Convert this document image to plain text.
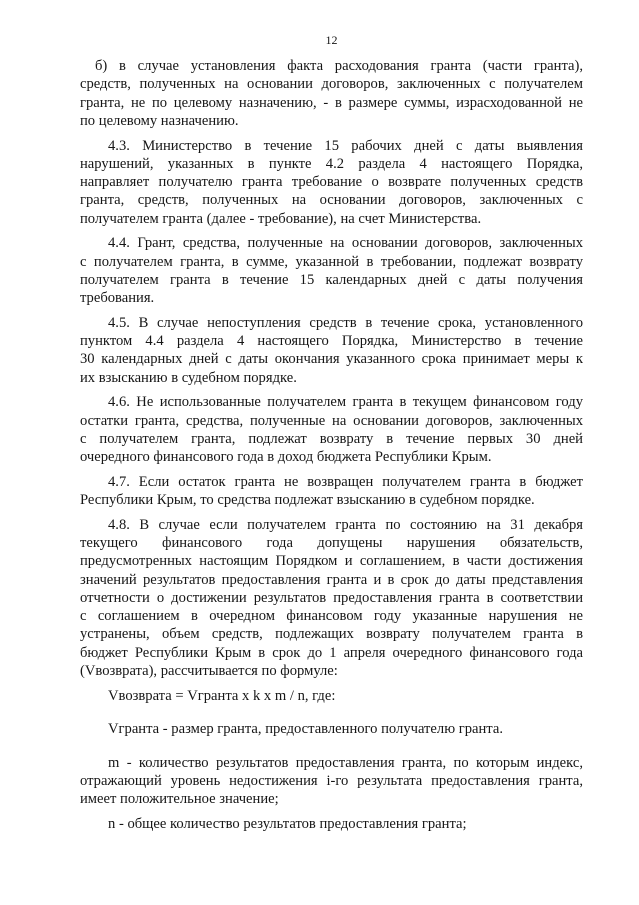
12
б) в случае установления факта расходования гранта (части гранта),
средств, полученных на основании договоров, заключенных с получателем
гранта, не по целевому назначению, - в размере суммы, израсходованной не
по целевому назначению.
4.3. Министерство в течение 15 рабочих дней с даты выявления
нарушений, указанных в пункте 4.2 раздела 4 настоящего Порядка,
направляет получателю гранта требование о возврате полученных средств
гранта, средств, полученных на основании договоров, заключенных с
получателем гранта (далее - требование), на счет Министерства.
4.4. Грант, средства, полученные на основании договоров, заключенных
с получателем гранта, в сумме, указанной в требовании, подлежат возврату
получателем гранта в течение 15 календарных дней с даты получения
требования.
4.5. В случае непоступления средств в течение срока, установленного
пунктом 4.4 раздела 4 настоящего Порядка, Министерство в течение
30 календарных дней с даты окончания указанного срока принимает меры к
их взысканию в судебном порядке.
4.6. Не использованные получателем гранта в текущем финансовом году
остатки гранта, средства, полученные на основании договоров, заключенных
с получателем гранта, подлежат возврату в течение первых 30 дней
очередного финансового года в доход бюджета Республики Крым.
4.7. Если остаток гранта не возвращен получателем гранта в бюджет
Республики Крым, то средства подлежат взысканию в судебном порядке.
4.8. В случае если получателем гранта по состоянию на 31 декабря
текущего финансового года допущены нарушения обязательств,
предусмотренных настоящим Порядком и соглашением, в части достижения
значений результатов предоставления гранта и в срок до даты представления
отчетности о достижении результатов предоставления гранта в соответствии
с соглашением в очередном финансовом году указанные нарушения не
устранены, объем средств, подлежащих возврату получателем гранта в
бюджет Республики Крым в срок до 1 апреля очередного финансового года
(Vвозврата), рассчитывается по формуле:
Vвозврата = Vгранта x k x m / n, где:
Vгранта - размер гранта, предоставленного получателю гранта.
m - количество результатов предоставления гранта, по которым индекс,
отражающий уровень недостижения i-го результата предоставления гранта,
имеет положительное значение;
n - общее количество результатов предоставления гранта;
